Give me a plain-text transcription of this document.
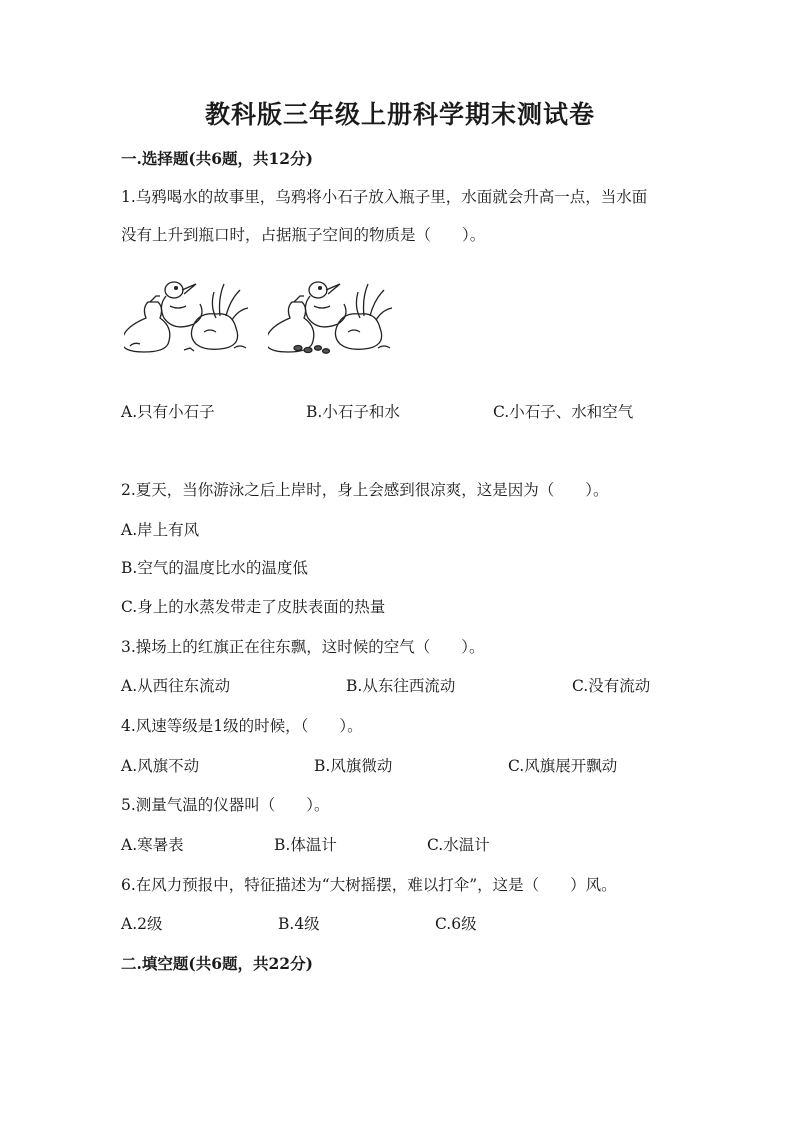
教科版三年级上册科学期末测试卷
一.选择题(共6题，共12分)
1.乌鸦喝水的故事里，乌鸦将小石子放入瓶子里，水面就会升高一点，当水面
没有上升到瓶口时，占据瓶子空间的物质是（　　）。
A.只有小石子	B.小石子和水	C.小石子、水和空气
2.夏天，当你游泳之后上岸时，身上会感到很凉爽，这是因为（　　）。
A.岸上有风
B.空气的温度比水的温度低
C.身上的水蒸发带走了皮肤表面的热量
3.操场上的红旗正在往东飘，这时候的空气（　　）。
A.从西往东流动	B.从东往西流动	C.没有流动
4.风速等级是1级的时候，（　　）。
A.风旗不动	B.风旗微动	C.风旗展开飘动
5.测量气温的仪器叫（　　）。
A.寒暑表	B.体温计	C.水温计
6.在风力预报中，特征描述为“大树摇摆，难以打伞”，这是（　　）风。
A.2级	B.4级	C.6级
二.填空题(共6题，共22分)
